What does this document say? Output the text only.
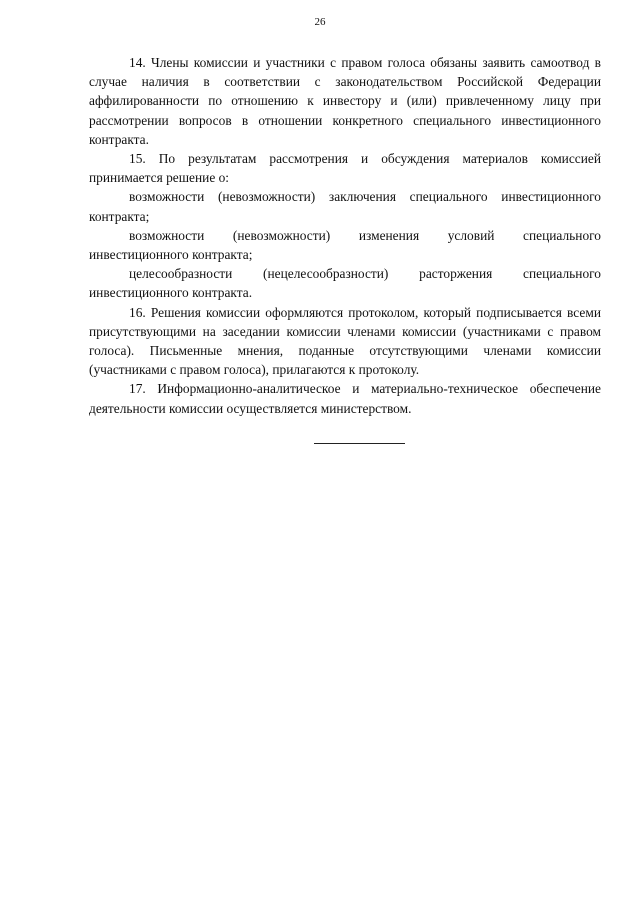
26

14. Члены комиссии и участники с правом голоса обязаны заявить самоотвод в случае наличия в соответствии с законодательством Российской Федерации аффилированности по отношению к инвестору и (или) привлеченному лицу при рассмотрении вопросов в отношении конкретного специального инвестиционного контракта.

15. По результатам рассмотрения и обсуждения материалов комиссией принимается решение о:

возможности (невозможности) заключения специального инвестиционного контракта;

возможности (невозможности) изменения условий специального инвестиционного контракта;

целесообразности (нецелесообразности) расторжения специального инвестиционного контракта.

16. Решения комиссии оформляются протоколом, который подписывается всеми присутствующими на заседании комиссии членами комиссии (участниками с правом голоса). Письменные мнения, поданные отсутствующими членами комиссии (участниками с правом голоса), прилагаются к протоколу.

17. Информационно-аналитическое и материально-техническое обеспечение деятельности комиссии осуществляется министерством.
